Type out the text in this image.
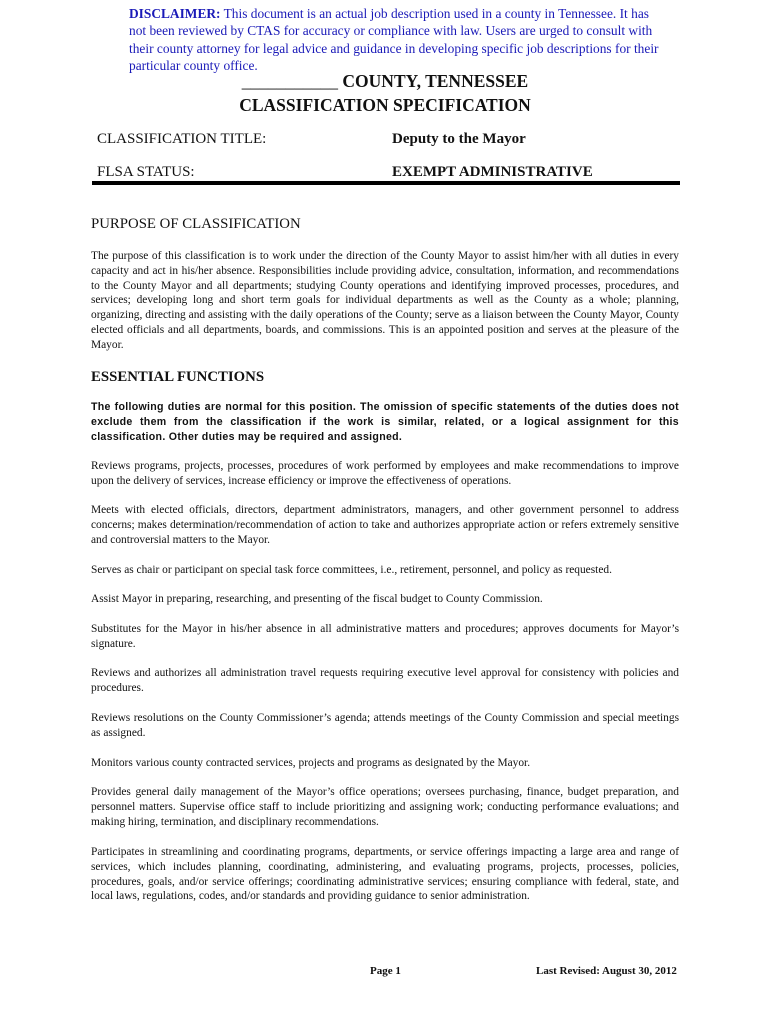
DISCLAIMER: This document is an actual job description used in a county in Tennessee. It has not been reviewed by CTAS for accuracy or compliance with law. Users are urged to consult with their county attorney for legal advice and guidance in developing specific job descriptions for their particular county office.
___________ COUNTY, TENNESSEE
CLASSIFICATION SPECIFICATION
CLASSIFICATION TITLE:	Deputy to the Mayor
FLSA STATUS:	EXEMPT ADMINISTRATIVE
PURPOSE OF CLASSIFICATION
The purpose of this classification is to work under the direction of the County Mayor to assist him/her with all duties in every capacity and act in his/her absence. Responsibilities include providing advice, consultation, information, and recommendations to the County Mayor and all departments; studying County operations and identifying improved processes, procedures, and services; developing long and short term goals for individual departments as well as the County as a whole; planning, organizing, directing and assisting with the daily operations of the County; serve as a liaison between the County Mayor, County elected officials and all departments, boards, and commissions. This is an appointed position and serves at the pleasure of the Mayor.
ESSENTIAL FUNCTIONS
The following duties are normal for this position. The omission of specific statements of the duties does not exclude them from the classification if the work is similar, related, or a logical assignment for this classification. Other duties may be required and assigned.
Reviews programs, projects, processes, procedures of work performed by employees and make recommendations to improve upon the delivery of services, increase efficiency or improve the effectiveness of operations.
Meets with elected officials, directors, department administrators, managers, and other government personnel to address concerns; makes determination/recommendation of action to take and authorizes appropriate action or refers extremely sensitive and controversial matters to the Mayor.
Serves as chair or participant on special task force committees, i.e., retirement, personnel, and policy as requested.
Assist Mayor in preparing, researching, and presenting of the fiscal budget to County Commission.
Substitutes for the Mayor in his/her absence in all administrative matters and procedures; approves documents for Mayor’s signature.
Reviews and authorizes all administration travel requests requiring executive level approval for consistency with policies and procedures.
Reviews resolutions on the County Commissioner’s agenda; attends meetings of the County Commission and special meetings as assigned.
Monitors various county contracted services, projects and programs as designated by the Mayor.
Provides general daily management of the Mayor’s office operations; oversees purchasing, finance, budget preparation, and personnel matters. Supervise office staff to include prioritizing and assigning work; conducting performance evaluations; and making hiring, termination, and disciplinary recommendations.
Participates in streamlining and coordinating programs, departments, or service offerings impacting a large area and range of services, which includes planning, coordinating, administering, and evaluating programs, projects, processes, policies, procedures, goals, and/or service offerings; coordinating administrative services; ensuring compliance with federal, state, and local laws, regulations, codes, and/or standards and providing guidance to senior administration.
Page 1	Last Revised: August 30, 2012
